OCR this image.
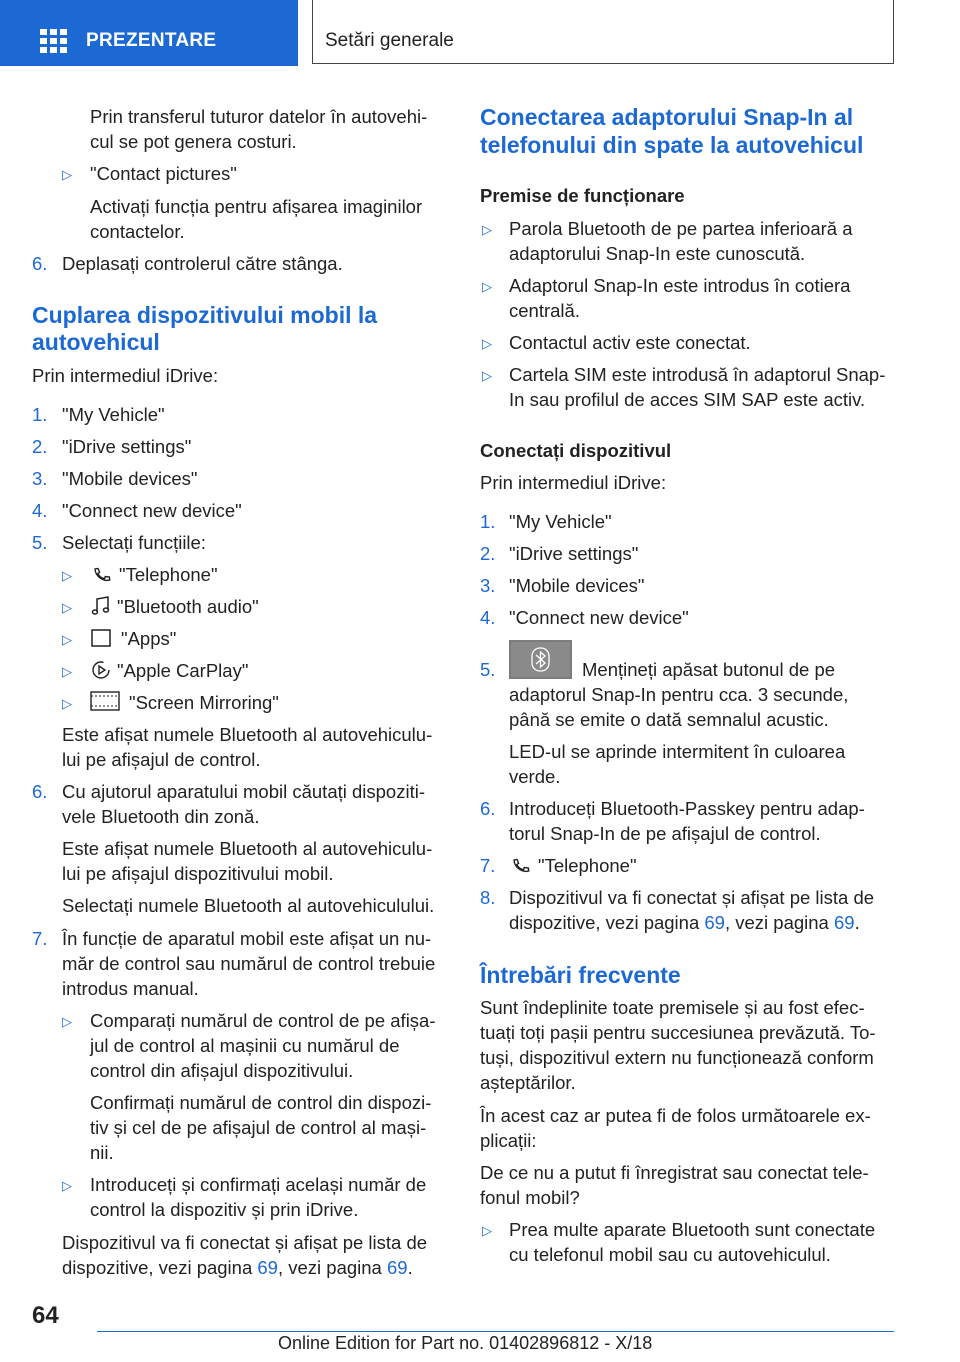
PREZENTARE	Setări generale
Prin transferul tuturor datelor în autovehi-
cul se pot genera costuri.
▷ "Contact pictures"
Activați funcția pentru afișarea imaginilor
contactelor.
6. Deplasați controlerul către stânga.
Cuplarea dispozitivului mobil la
autovehicul
Prin intermediul iDrive:
1. "My Vehicle"
2. "iDrive settings"
3. "Mobile devices"
4. "Connect new device"
5. Selectați funcțiile:
▷	"Telephone"
▷ "Bluetooth audio"
▷	"Apps"
▷ "Apple CarPlay"
▷	"Screen Mirroring"
Este afișat numele Bluetooth al autovehiculu-
lui pe afișajul de control.
6. Cu ajutorul aparatului mobil căutați dispoziti-
vele Bluetooth din zonă.
Este afișat numele Bluetooth al autovehiculu-
lui pe afișajul dispozitivului mobil.
Selectați numele Bluetooth al autovehiculului.
7. În funcție de aparatul mobil este afișat un nu-
măr de control sau numărul de control trebuie
introdus manual.
▷ Comparați numărul de control de pe afișa-
jul de control al mașinii cu numărul de
control din afișajul dispozitivului.
Confirmați numărul de control din dispozi-
tiv și cel de pe afișajul de control al mași-
nii.
▷ Introduceți și confirmați același număr de
control la dispozitiv și prin iDrive.
Dispozitivul va fi conectat și afișat pe lista de
dispozitive, vezi pagina 69, vezi pagina 69.
Conectarea adaptorului Snap-In al
telefonului din spate la autovehicul
Premise de funcționare
▷ Parola Bluetooth de pe partea inferioară a
adaptorului Snap-In este cunoscută.
▷ Adaptorul Snap-In este introdus în cotiera
centrală.
▷ Contactul activ este conectat.
▷ Cartela SIM este introdusă în adaptorul Snap-
In sau profilul de acces SIM SAP este activ.
Conectați dispozitivul
Prin intermediul iDrive:
1. "My Vehicle"
2. "iDrive settings"
3. "Mobile devices"
4. "Connect new device"
5.	Mențineți apăsat butonul de pe
adaptorul Snap-In pentru cca. 3 secunde,
până se emite o dată semnalul acustic.
LED-ul se aprinde intermitent în culoarea
verde.
6. Introduceți Bluetooth-Passkey pentru adap-
torul Snap-In de pe afișajul de control.
7. "Telephone"
8. Dispozitivul va fi conectat și afișat pe lista de
dispozitive, vezi pagina 69, vezi pagina 69.
Întrebări frecvente
Sunt îndeplinite toate premisele și au fost efec-
tuați toți pașii pentru succesiunea prevăzută. To-
tuși, dispozitivul extern nu funcționează conform
așteptărilor.
În acest caz ar putea fi de folos următoarele ex-
plicații:
De ce nu a putut fi înregistrat sau conectat tele-
fonul mobil?
▷ Prea multe aparate Bluetooth sunt conectate
cu telefonul mobil sau cu autovehiculul.
64
Online Edition for Part no. 01402896812 - X/18
